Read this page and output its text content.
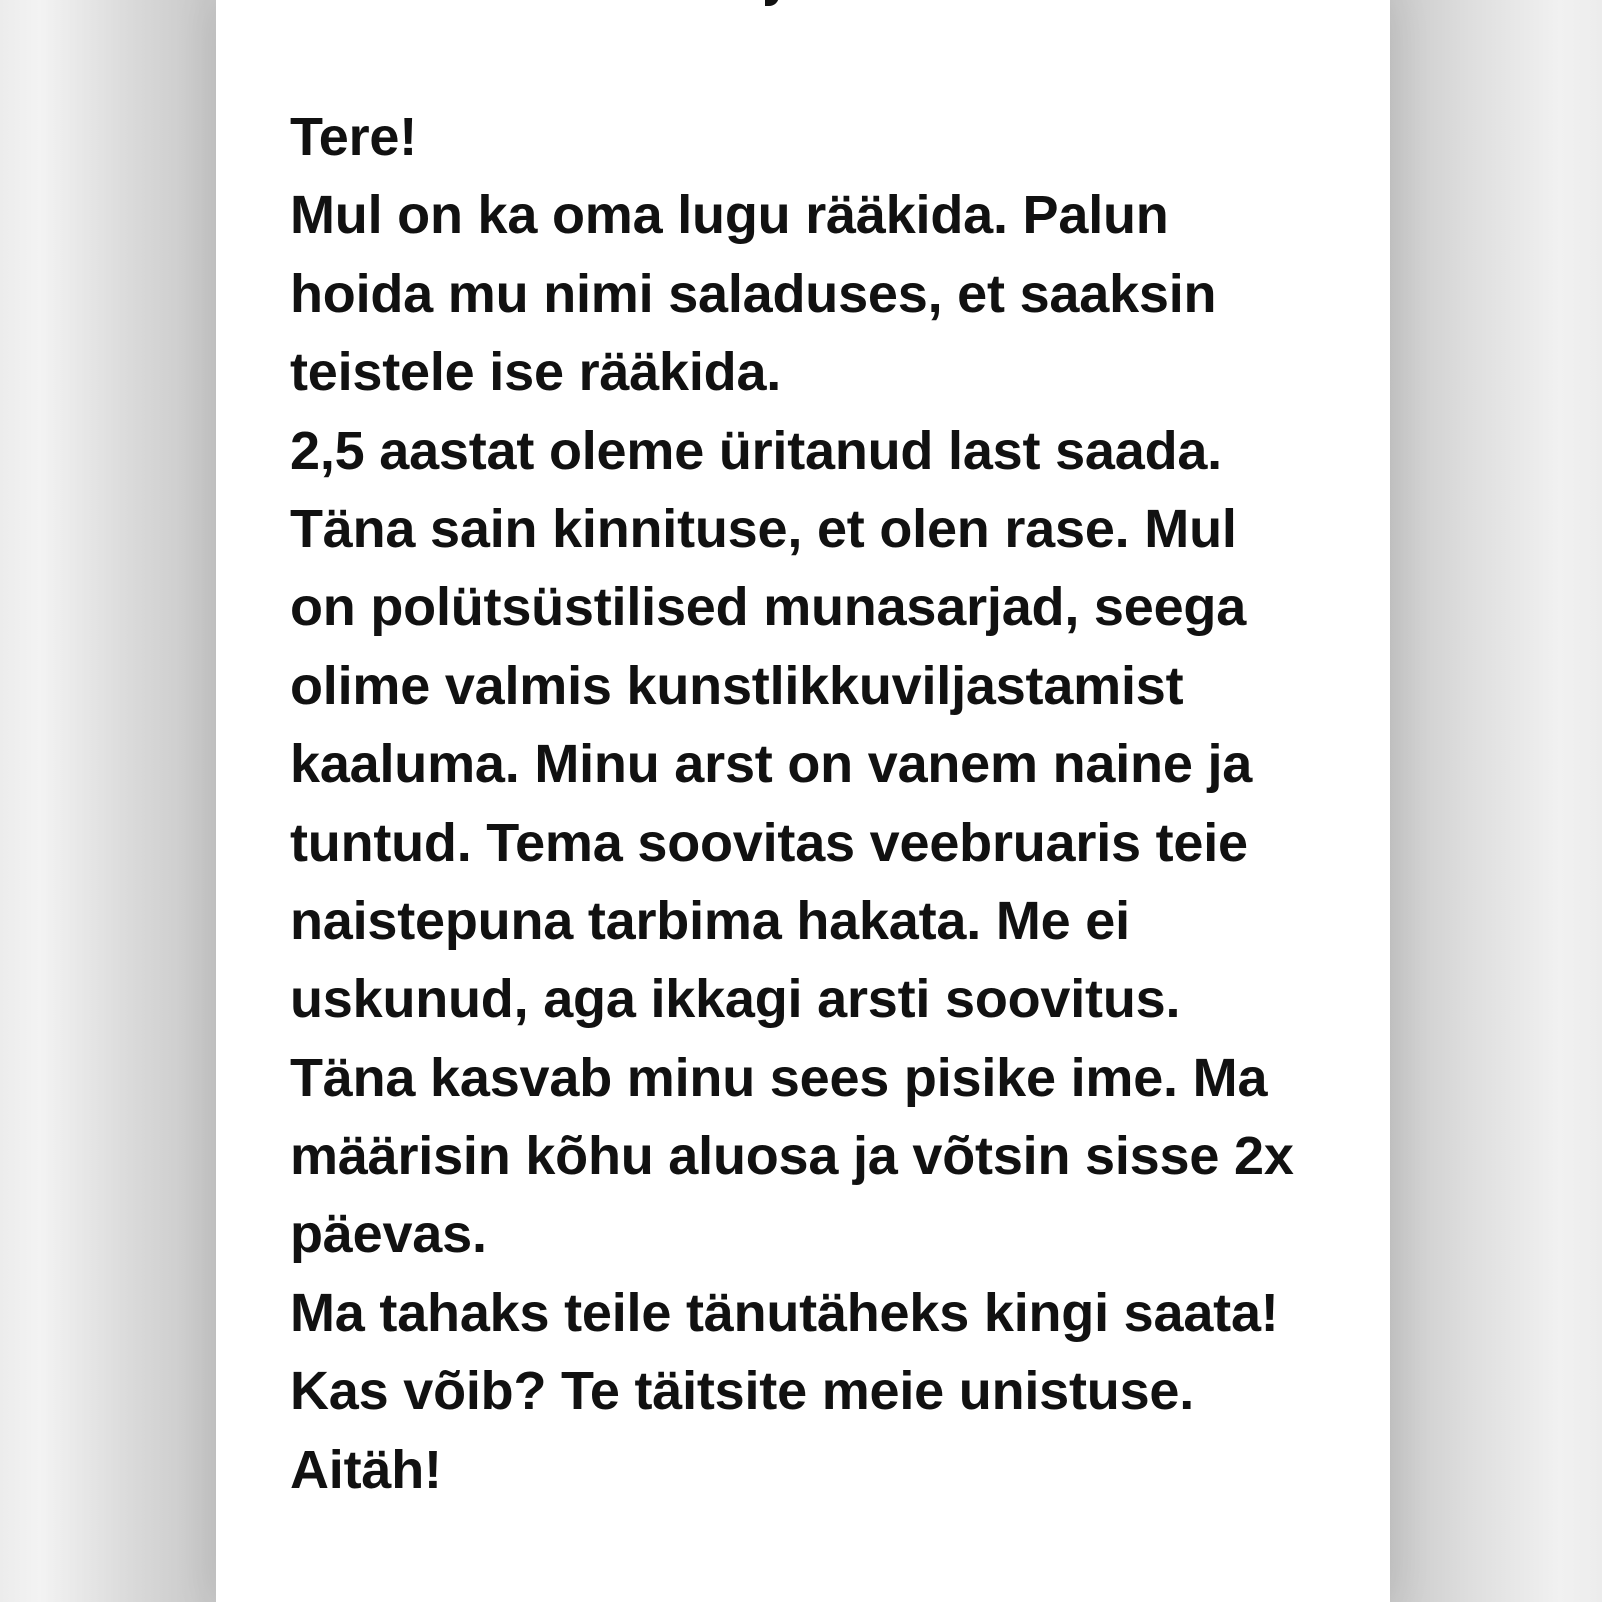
Tere!
Mul on ka oma lugu rääkida. Palun
hoida mu nimi saladuses, et saaksin
teistele ise rääkida.
2,5 aastat oleme üritanud last saada.
Täna sain kinnituse, et olen rase. Mul
on polütsüstilised munasarjad, seega
olime valmis kunstlikkuviljastamist
kaaluma. Minu arst on vanem naine ja
tuntud. Tema soovitas veebruaris teie
naistepuna tarbima hakata. Me ei
uskunud, aga ikkagi arsti soovitus.
Täna kasvab minu sees pisike ime. Ma
määrisin kõhu aluosa ja võtsin sisse 2x
päevas.
Ma tahaks teile tänutäheks kingi saata!
Kas võib? Te täitsite meie unistuse.
Aitäh!
